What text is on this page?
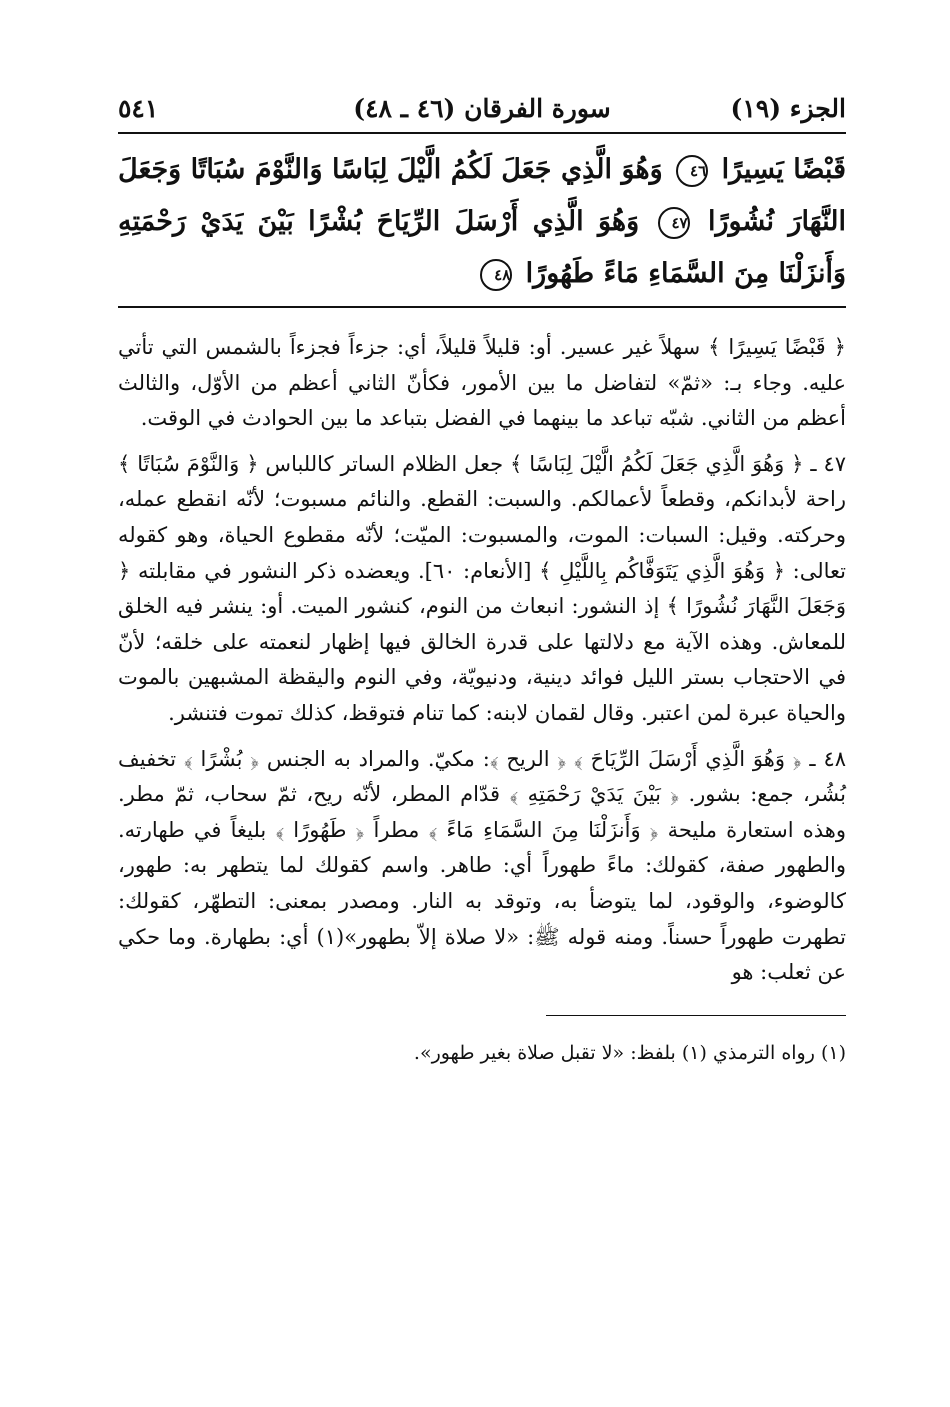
الجزء (١٩)
سورة الفرقان (٤٦ ـ ٤٨)
٥٤١
قَبْضًا يَسِيرًا ٤٦ وَهُوَ الَّذِي جَعَلَ لَكُمُ الَّيْلَ لِبَاسًا وَالنَّوْمَ سُبَاتًا وَجَعَلَ النَّهَارَ نُشُورًا ٤٧ وَهُوَ الَّذِي أَرْسَلَ الرِّيَاحَ بُشْرًا بَيْنَ يَدَيْ رَحْمَتِهِ وَأَنزَلْنَا مِنَ السَّمَاءِ مَاءً طَهُورًا ٤٨

﴿ قَبْضًا يَسِيرًا ﴾ سهلاً غير عسير. أو: قليلاً قليلاً، أي: جزءاً فجزءاً بالشمس التي تأتي عليه. وجاء بـ: «ثمّ» لتفاضل ما بين الأمور، فكأنّ الثاني أعظم من الأوّل، والثالث أعظم من الثاني. شبّه تباعد ما بينهما في الفضل بتباعد ما بين الحوادث في الوقت.

٤٧ ـ ﴿ وَهُوَ الَّذِي جَعَلَ لَكُمُ الَّيْلَ لِبَاسًا ﴾ جعل الظلام الساتر كاللباس ﴿ وَالنَّوْمَ سُبَاتًا ﴾ راحة لأبدانكم، وقطعاً لأعمالكم. والسبت: القطع. والنائم مسبوت؛ لأنّه انقطع عمله، وحركته. وقيل: السبات: الموت، والمسبوت: الميّت؛ لأنّه مقطوع الحياة، وهو كقوله تعالى: ﴿ وَهُوَ الَّذِي يَتَوَفَّاكُم بِاللَّيْلِ ﴾ [الأنعام: ٦٠]. ويعضده ذكر النشور في مقابلته ﴿ وَجَعَلَ النَّهَارَ نُشُورًا ﴾ إذ النشور: انبعاث من النوم، كنشور الميت. أو: ينشر فيه الخلق للمعاش. وهذه الآية مع دلالتها على قدرة الخالق فيها إظهار لنعمته على خلقه؛ لأنّ في الاحتجاب بستر الليل فوائد دينية، ودنيويّة، وفي النوم واليقظة المشبهين بالموت والحياة عبرة لمن اعتبر. وقال لقمان لابنه: كما تنام فتوقظ، كذلك تموت فتنشر.

٤٨ ـ ﴿ وَهُوَ الَّذِي أَرْسَلَ الرِّيَاحَ ﴾ ﴿ الريح ﴾: مكيّ. والمراد به الجنس ﴿ بُشْرًا ﴾ تخفيف بُشُر، جمع: بشور. ﴿ بَيْنَ يَدَيْ رَحْمَتِهِ ﴾ قدّام المطر، لأنّه ريح، ثمّ سحاب، ثمّ مطر. وهذه استعارة مليحة ﴿ وَأَنزَلْنَا مِنَ السَّمَاءِ مَاءً ﴾ مطراً ﴿ طَهُورًا ﴾ بليغاً في طهارته. والطهور صفة، كقولك: ماءً طهوراً أي: طاهر. واسم كقولك لما يتطهر به: طهور، كالوضوء، والوقود، لما يتوضأ به، وتوقد به النار. ومصدر بمعنى: التطهّر، كقولك: تطهرت طهوراً حسناً. ومنه قوله ﷺ: «لا صلاة إلاّ بطهور»(١) أي: بطهارة. وما حكي عن ثعلب: هو

(١) رواه الترمذي (١) بلفظ: «لا تقبل صلاة بغير طهور».
